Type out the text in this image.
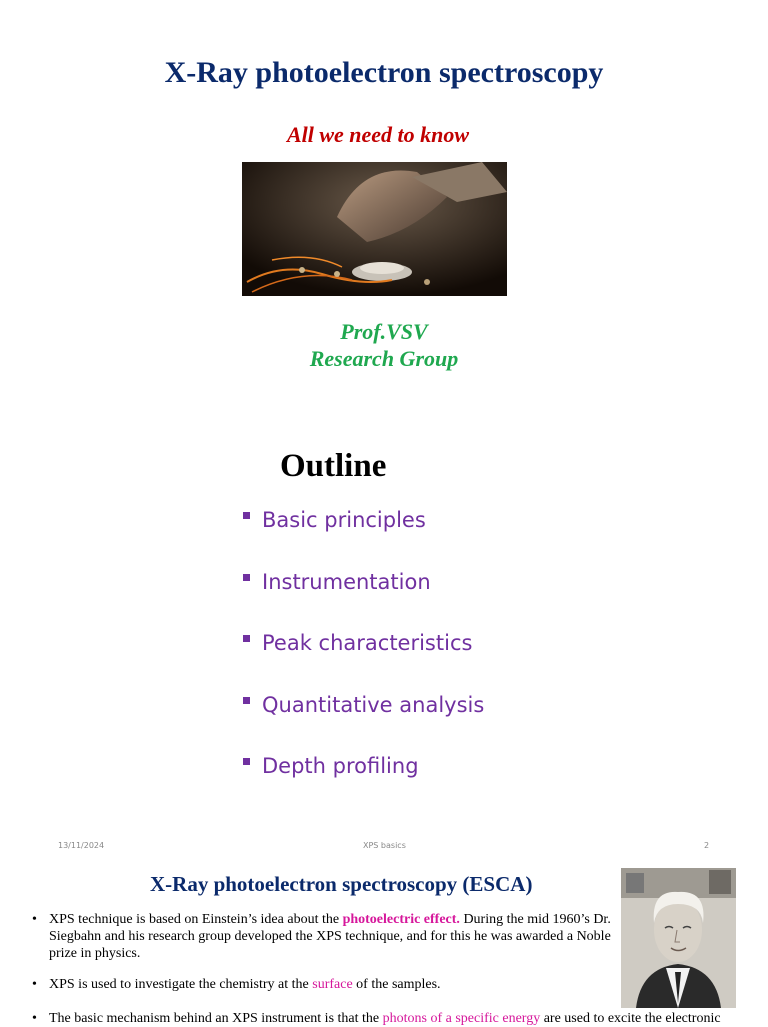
X-Ray photoelectron spectroscopy
All we need to know
Prof.VSV
Research Group
Outline
Basic principles
Instrumentation
Peak characteristics
Quantitative analysis
Depth profiling
13/11/2024	XPS basics	2
X-Ray photoelectron spectroscopy (ESCA)
• XPS technique is based on Einstein’s idea about the photoelectric effect. During the mid 1960’s Dr. Siegbahn and his research group developed the XPS technique, and for this he was awarded a Noble prize in physics.
• XPS is used to investigate the chemistry at the surface of the samples.
• The basic mechanism behind an XPS instrument is that the photons of a specific energy are used to excite the electronic
